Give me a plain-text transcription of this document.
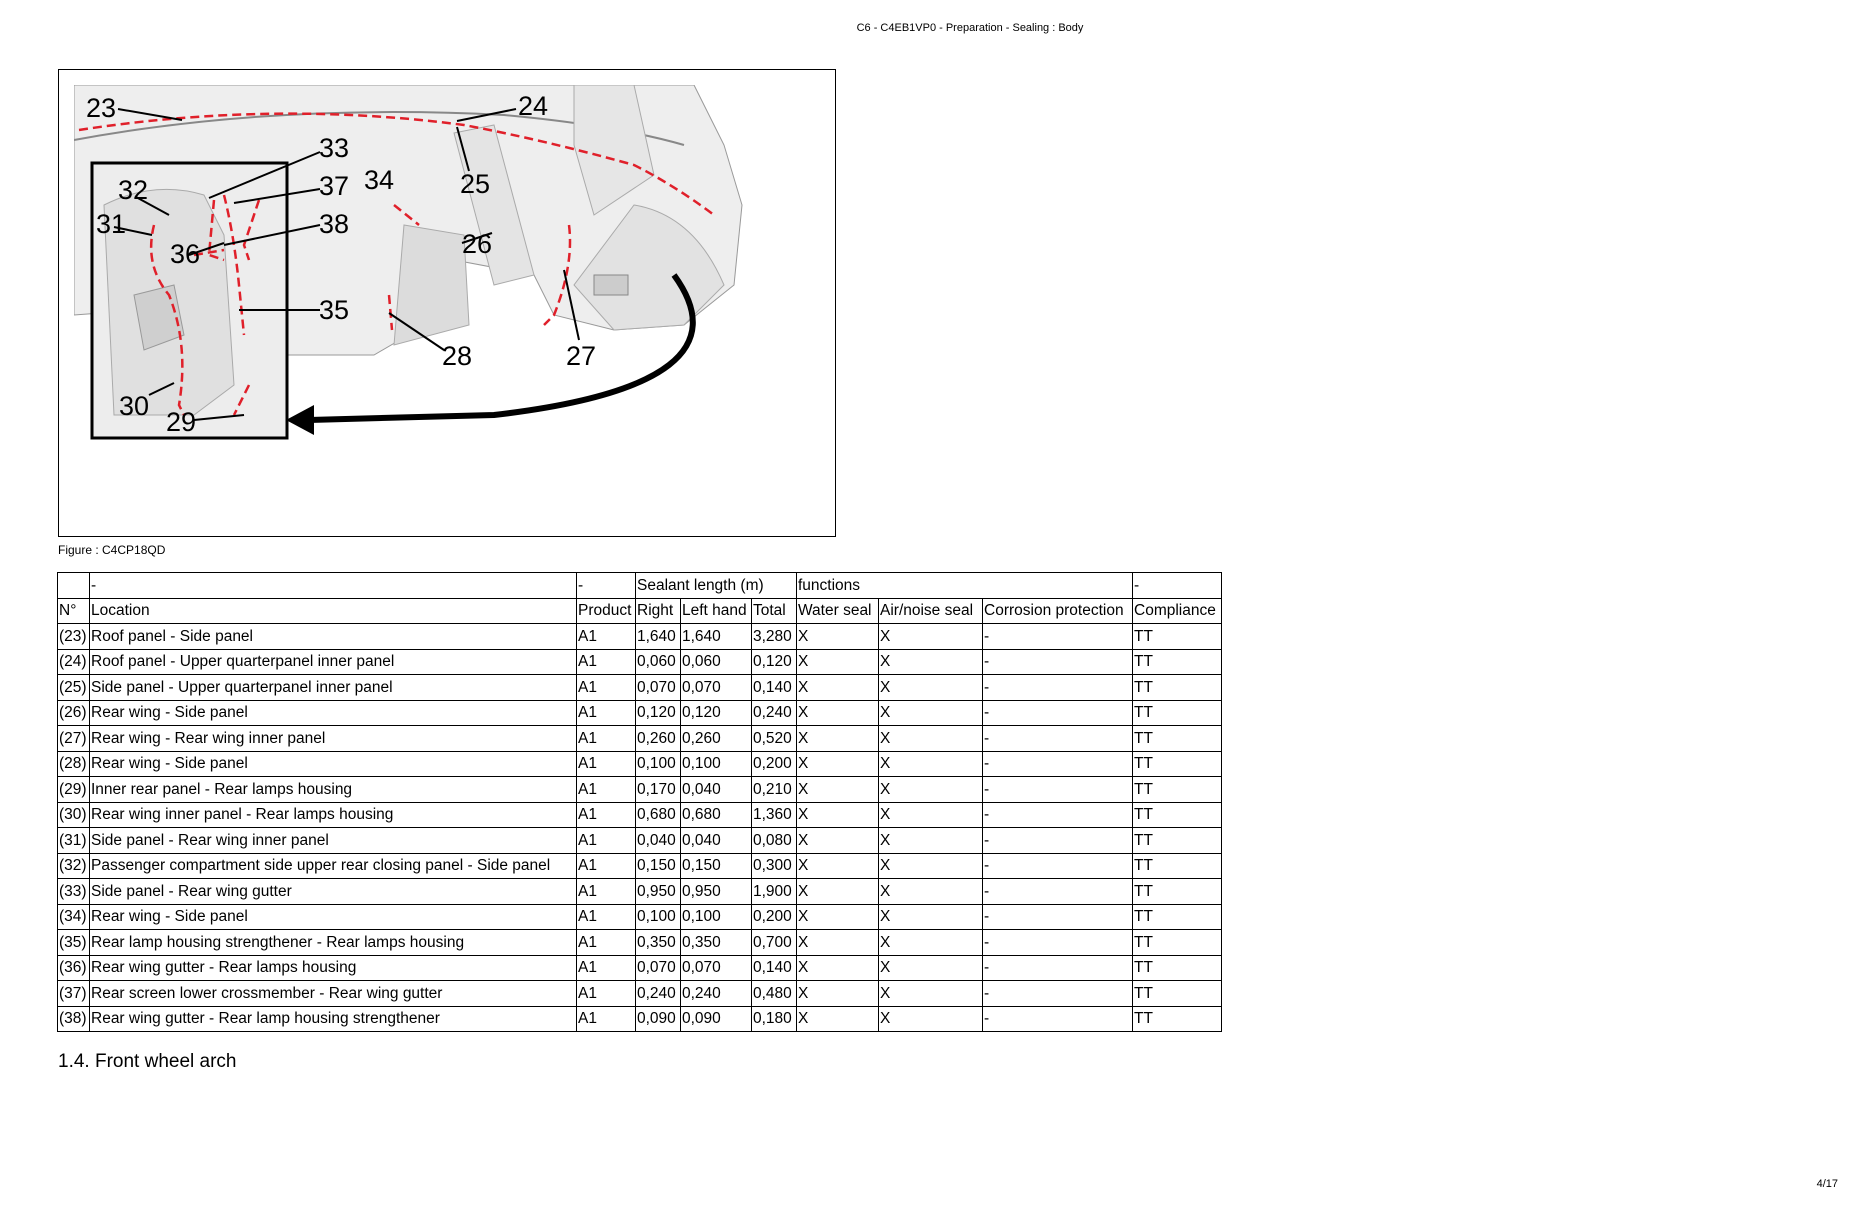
C6 - C4EB1VP0 - Preparation - Sealing : Body
23	24
33
32	37 34 25
31	38
36	26
35
28	27
30
29
Figure : C4CP18QD
	-	-	Sealant length (m)			functions			-
N°	Location	Product	Right	Left hand	Total	Water seal	Air/noise seal	Corrosion protection	Compliance
(23)	Roof panel - Side panel	A1	1,640	1,640	3,280	X	X	-	TT
(24)	Roof panel - Upper quarterpanel inner panel	A1	0,060	0,060	0,120	X	X	-	TT
(25)	Side panel - Upper quarterpanel inner panel	A1	0,070	0,070	0,140	X	X	-	TT
(26)	Rear wing - Side panel	A1	0,120	0,120	0,240	X	X	-	TT
(27)	Rear wing - Rear wing inner panel	A1	0,260	0,260	0,520	X	X	-	TT
(28)	Rear wing - Side panel	A1	0,100	0,100	0,200	X	X	-	TT
(29)	Inner rear panel - Rear lamps housing	A1	0,170	0,040	0,210	X	X	-	TT
(30)	Rear wing inner panel - Rear lamps housing	A1	0,680	0,680	1,360	X	X	-	TT
(31)	Side panel - Rear wing inner panel	A1	0,040	0,040	0,080	X	X	-	TT
(32)	Passenger compartment side upper rear closing panel - Side panel	A1	0,150	0,150	0,300	X	X	-	TT
(33)	Side panel - Rear wing gutter	A1	0,950	0,950	1,900	X	X	-	TT
(34)	Rear wing - Side panel	A1	0,100	0,100	0,200	X	X	-	TT
(35)	Rear lamp housing strengthener - Rear lamps housing	A1	0,350	0,350	0,700	X	X	-	TT
(36)	Rear wing gutter - Rear lamps housing	A1	0,070	0,070	0,140	X	X	-	TT
(37)	Rear screen lower crossmember - Rear wing gutter	A1	0,240	0,240	0,480	X	X	-	TT
(38)	Rear wing gutter - Rear lamp housing strengthener	A1	0,090	0,090	0,180	X	X	-	TT
1.4. Front wheel arch
4/17
